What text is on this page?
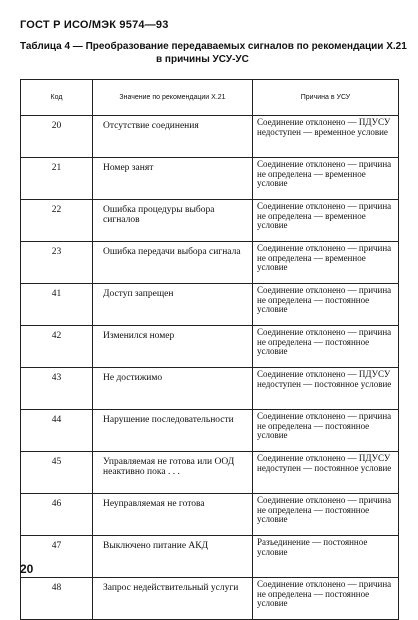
ГОСТ Р ИСО/МЭК 9574—93
Таблица 4 — Преобразование передаваемых сигналов по рекомендации X.21
в причины УСУ-УС
Код	Значение по рекомендации X.21	Причина в УСУ
20	Отсутствие соединения	Соединение отклонено — ПДУСУ недоступен — временное условие
21	Номер занят	Соединение отклонено — причина не определена — временное условие
22	Ошибка процедуры выбора сигналов	Соединение отклонено — причина не определена — временное условие
23	Ошибка передачи выбора сигнала	Соединение отклонено — причина не определена — временное условие
41	Доступ запрещен	Соединение отклонено — причина не определена — постоянное условие
42	Изменился номер	Соединение отклонено — причина не определена — постоянное условие
43	Не достижимо	Соединение отклонено — ПДУСУ недоступен — постоянное условие
44	Нарушение последовательности	Соединение отклонено — причина не определена — постоянное условие
45	Управляемая не готова или ООД неактивно пока . . .	Соединение отклонено — ПДУСУ недоступен — постоянное условие
46	Неуправляемая не готова	Соединение отклонено — причина не определена — постоянное условие
47	Выключено питание АКД	Разъединение — постоянное условие
48	Запрос недействительный услуги	Соединение отклонено — причина не определена — постоянное условие
20
